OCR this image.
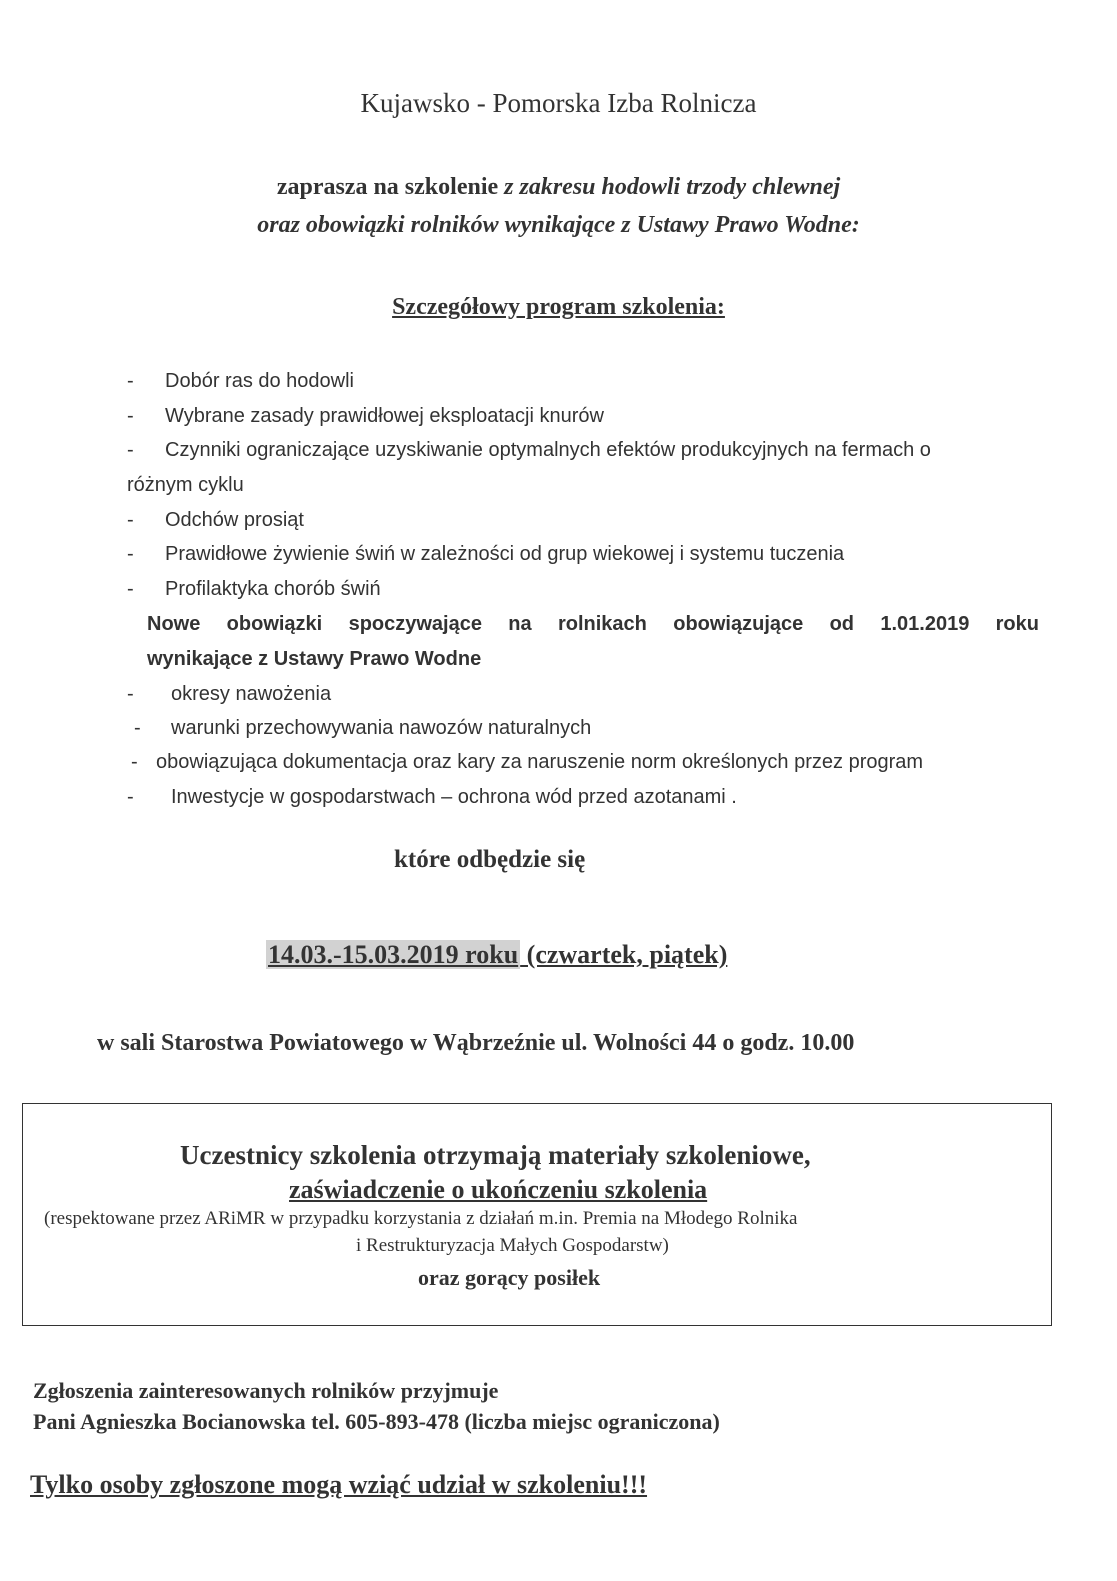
Kujawsko - Pomorska Izba Rolnicza
zaprasza na szkolenie z zakresu hodowli trzody chlewnej
oraz obowiązki rolników wynikające z Ustawy Prawo Wodne:
Szczegółowy program szkolenia:
- Dobór ras do hodowli
- Wybrane zasady prawidłowej eksploatacji knurów
- Czynniki ograniczające uzyskiwanie optymalnych efektów produkcyjnych na fermach o
różnym cyklu
- Odchów prosiąt
- Prawidłowe żywienie świń w zależności od grup wiekowej i systemu tuczenia
- Profilaktyka chorób świń
Nowe obowiązki spoczywające na rolnikach obowiązujące od 1.01.2019 roku
wynikające z Ustawy Prawo Wodne
- okresy nawożenia
- warunki przechowywania nawozów naturalnych
- obowiązująca dokumentacja oraz kary za naruszenie norm określonych przez program
- Inwestycje w gospodarstwach – ochrona wód przed azotanami .
które odbędzie się
14.03.-15.03.2019 roku (czwartek, piątek)
w sali Starostwa Powiatowego w Wąbrzeźnie ul. Wolności 44 o godz. 10.00
Uczestnicy szkolenia otrzymają materiały szkoleniowe,
zaświadczenie o ukończeniu szkolenia
(respektowane przez ARiMR w przypadku korzystania z działań m.in. Premia na Młodego Rolnika
i Restrukturyzacja Małych Gospodarstw)
oraz gorący posiłek
Zgłoszenia zainteresowanych rolników przyjmuje
Pani Agnieszka Bocianowska tel. 605-893-478 (liczba miejsc ograniczona)
Tylko osoby zgłoszone mogą wziąć udział w szkoleniu!!!
